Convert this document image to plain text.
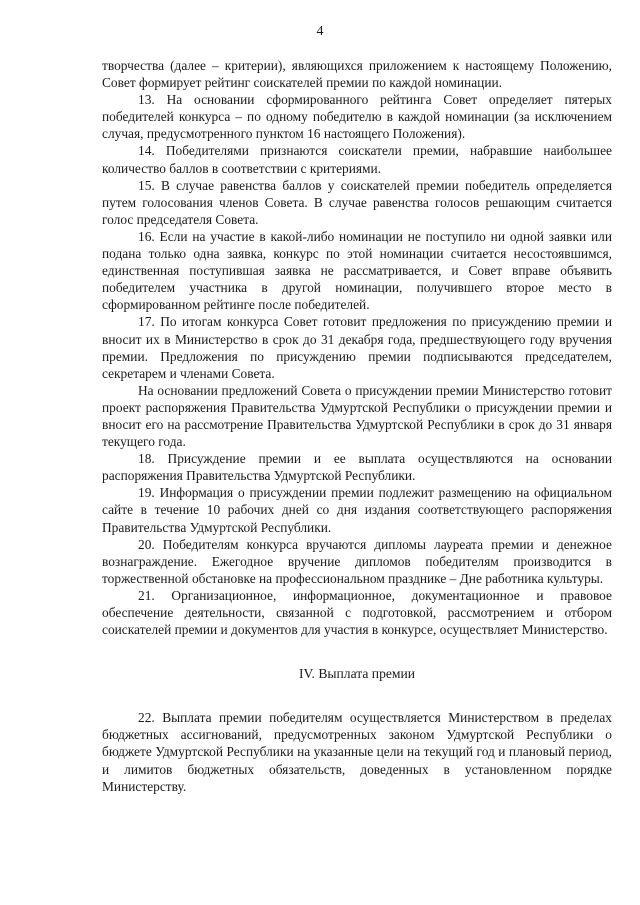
4

творчества (далее – критерии), являющихся приложением к настоящему Положению, Совет формирует рейтинг соискателей премии по каждой номинации.

13. На основании сформированного рейтинга Совет определяет пятерых победителей конкурса – по одному победителю в каждой номинации (за исключением случая, предусмотренного пунктом 16 настоящего Положения).

14. Победителями признаются соискатели премии, набравшие наибольшее количество баллов в соответствии с критериями.

15. В случае равенства баллов у соискателей премии победитель определяется путем голосования членов Совета. В случае равенства голосов решающим считается голос председателя Совета.

16. Если на участие в какой-либо номинации не поступило ни одной заявки или подана только одна заявка, конкурс по этой номинации считается несостоявшимся, единственная поступившая заявка не рассматривается, и Совет вправе объявить победителем участника в другой номинации, получившего второе место в сформированном рейтинге после победителей.

17. По итогам конкурса Совет готовит предложения по присуждению премии и вносит их в Министерство в срок до 31 декабря года, предшествующего году вручения премии. Предложения по присуждению премии подписываются председателем, секретарем и членами Совета.

На основании предложений Совета о присуждении премии Министерство готовит проект распоряжения Правительства Удмуртской Республики о присуждении премии и вносит его на рассмотрение Правительства Удмуртской Республики в срок до 31 января текущего года.

18. Присуждение премии и ее выплата осуществляются на основании распоряжения Правительства Удмуртской Республики.

19. Информация о присуждении премии подлежит размещению на официальном сайте в течение 10 рабочих дней со дня издания соответствующего распоряжения Правительства Удмуртской Республики.

20. Победителям конкурса вручаются дипломы лауреата премии и денежное вознаграждение. Ежегодное вручение дипломов победителям производится в торжественной обстановке на профессиональном празднике – Дне работника культуры.

21. Организационное, информационное, документационное и правовое обеспечение деятельности, связанной с подготовкой, рассмотрением и отбором соискателей премии и документов для участия в конкурсе, осуществляет Министерство.

IV. Выплата премии

22. Выплата премии победителям осуществляется Министерством в пределах бюджетных ассигнований, предусмотренных законом Удмуртской Республики о бюджете Удмуртской Республики на указанные цели на текущий год и плановый период, и лимитов бюджетных обязательств, доведенных в установленном порядке Министерству.
